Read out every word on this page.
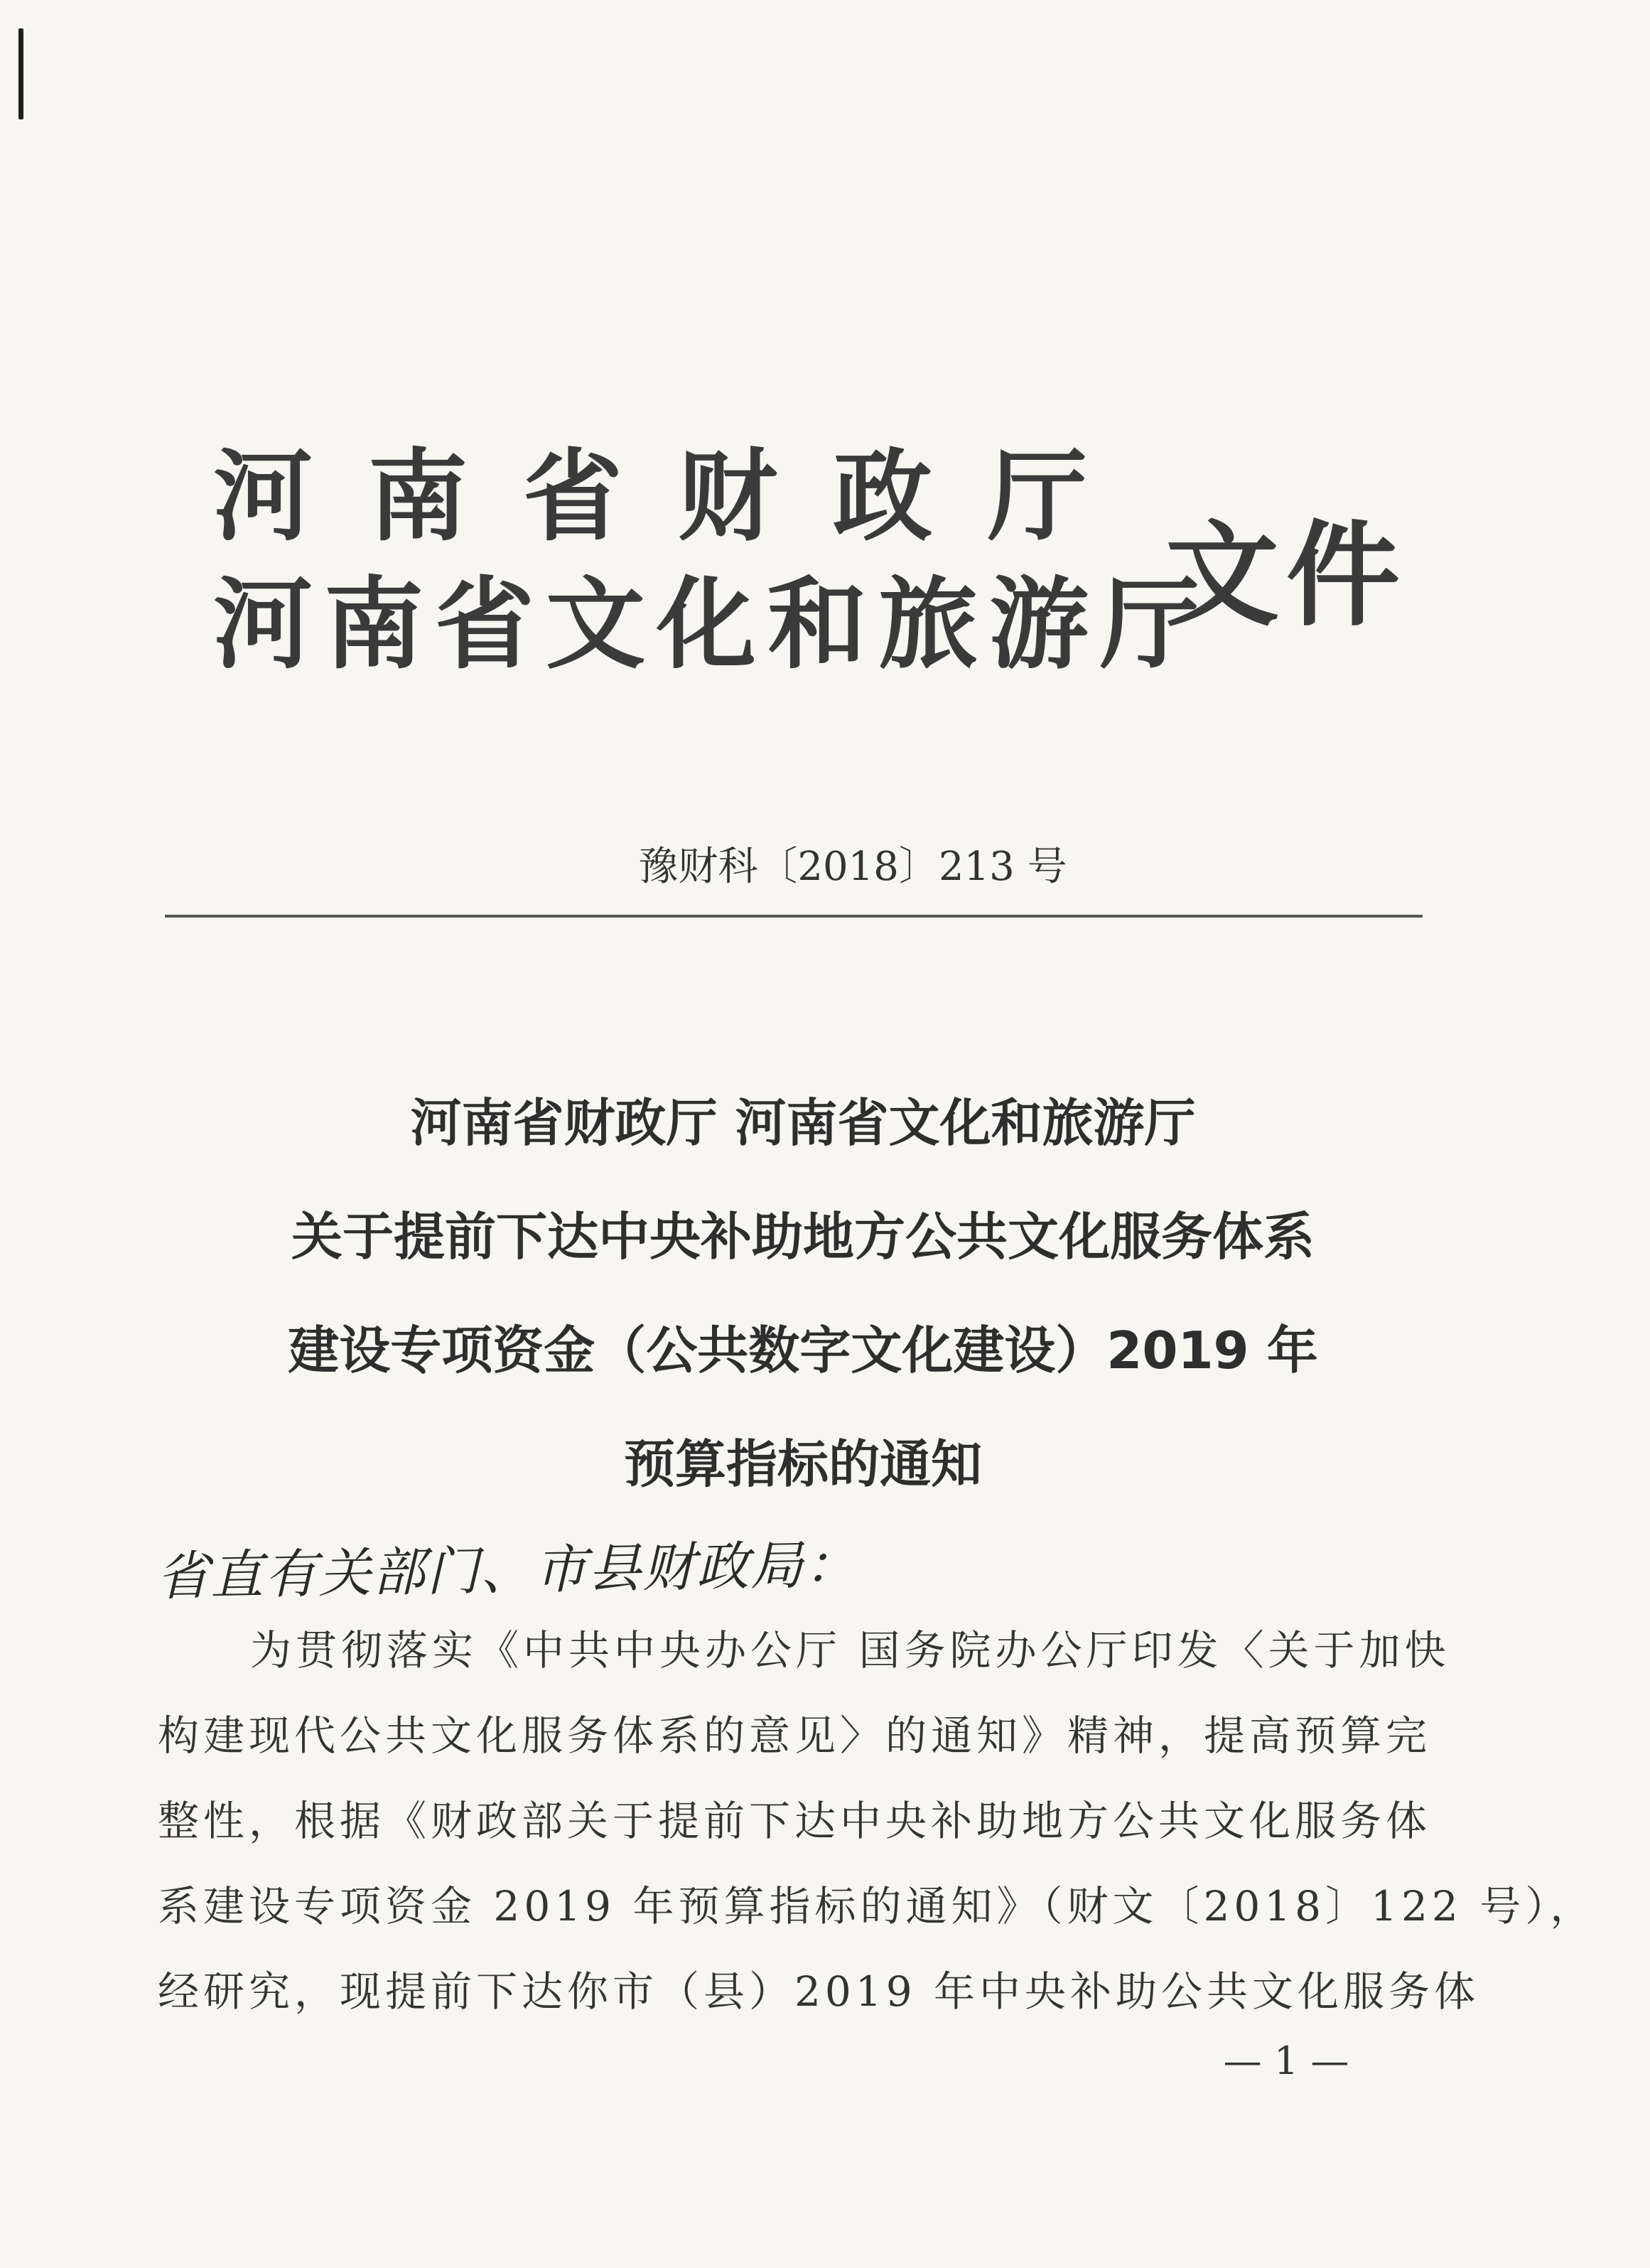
河南省财政厅
河南省文化和旅游厅
文件
豫财科〔2018〕213 号
河南省财政厅 河南省文化和旅游厅
关于提前下达中央补助地方公共文化服务体系
建设专项资金（公共数字文化建设）2019 年
预算指标的通知
省直有关部门、市县财政局：
为贯彻落实《中共中央办公厅 国务院办公厅印发〈关于加快
构建现代公共文化服务体系的意见〉的通知》精神，提高预算完
整性，根据《财政部关于提前下达中央补助地方公共文化服务体
系建设专项资金 2019 年预算指标的通知》（财文〔2018〕122 号），
经研究，现提前下达你市（县）2019 年中央补助公共文化服务体
— 1 —
